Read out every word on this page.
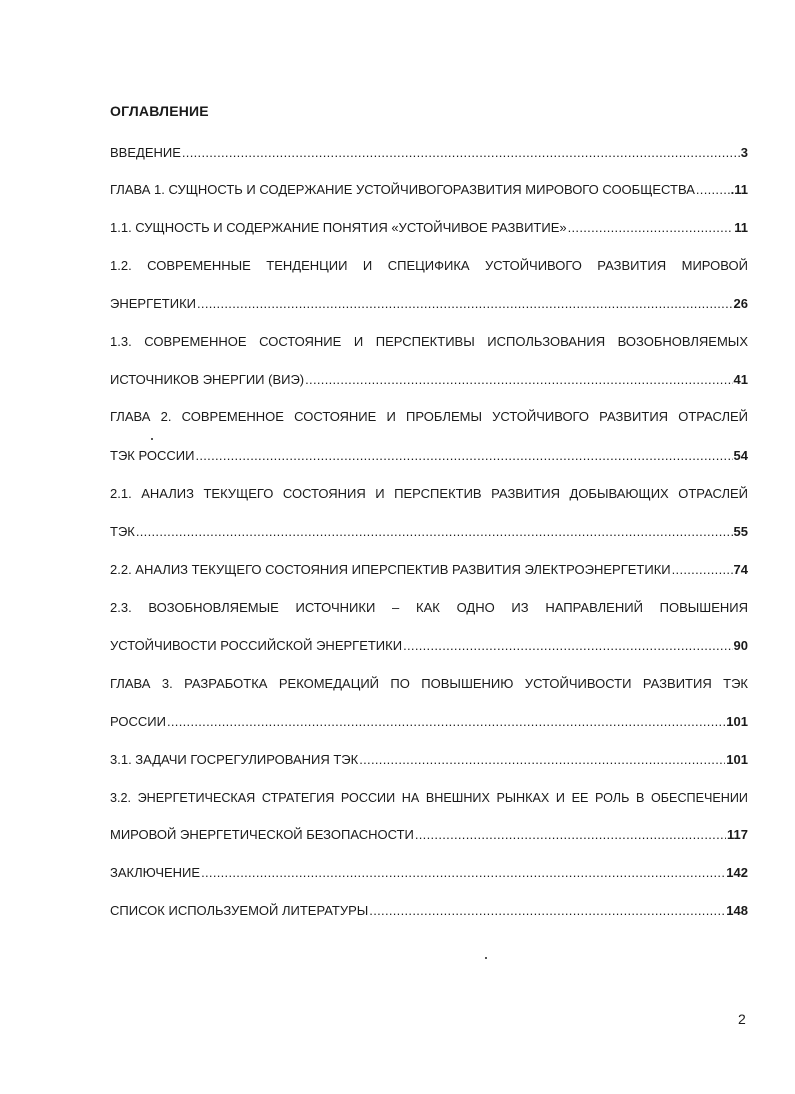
ОГЛАВЛЕНИЕ
ВВЕДЕНИЕ .....	3
ГЛАВА 1. СУЩНОСТЬ И СОДЕРЖАНИЕ УСТОЙЧИВОГОРАЗВИТИЯ МИРОВОГО СООБЩЕСТВА .....	.11
1.1. СУЩНОСТЬ И СОДЕРЖАНИЕ ПОНЯТИЯ «УСТОЙЧИВОЕ РАЗВИТИЕ» .....	11
1.2. СОВРЕМЕННЫЕ ТЕНДЕНЦИИ И СПЕЦИФИКА УСТОЙЧИВОГО РАЗВИТИЯ МИРОВОЙ
ЭНЕРГЕТИКИ .....	26
1.3. СОВРЕМЕННОЕ СОСТОЯНИЕ И ПЕРСПЕКТИВЫ ИСПОЛЬЗОВАНИЯ ВОЗОБНОВЛЯЕМЫХ
ИСТОЧНИКОВ ЭНЕРГИИ (ВИЭ) .....	41
ГЛАВА 2. СОВРЕМЕННОЕ СОСТОЯНИЕ И ПРОБЛЕМЫ УСТОЙЧИВОГО РАЗВИТИЯ ОТРАСЛЕЙ
ТЭК РОССИИ .....	54
2.1. АНАЛИЗ ТЕКУЩЕГО СОСТОЯНИЯ И ПЕРСПЕКТИВ РАЗВИТИЯ ДОБЫВАЮЩИХ ОТРАСЛЕЙ
ТЭК .....	55
2.2. АНАЛИЗ ТЕКУЩЕГО СОСТОЯНИЯ ИПЕРСПЕКТИВ РАЗВИТИЯ ЭЛЕКТРОЭНЕРГЕТИКИ .....	74
2.3. ВОЗОБНОВЛЯЕМЫЕ ИСТОЧНИКИ – КАК ОДНО ИЗ НАПРАВЛЕНИЙ ПОВЫШЕНИЯ
УСТОЙЧИВОСТИ РОССИЙСКОЙ ЭНЕРГЕТИКИ .....	90
ГЛАВА 3. РАЗРАБОТКА РЕКОМЕДАЦИЙ ПО ПОВЫШЕНИЮ УСТОЙЧИВОСТИ РАЗВИТИЯ ТЭК
РОССИИ .....	101
3.1. ЗАДАЧИ ГОСРЕГУЛИРОВАНИЯ ТЭК .....	101
3.2. ЭНЕРГЕТИЧЕСКАЯ СТРАТЕГИЯ РОССИИ НА ВНЕШНИХ РЫНКАХ И ЕЕ РОЛЬ В ОБЕСПЕЧЕНИИ
МИРОВОЙ ЭНЕРГЕТИЧЕСКОЙ БЕЗОПАСНОСТИ .....	117
ЗАКЛЮЧЕНИЕ .....	142
СПИСОК ИСПОЛЬЗУЕМОЙ ЛИТЕРАТУРЫ .....	148
2
